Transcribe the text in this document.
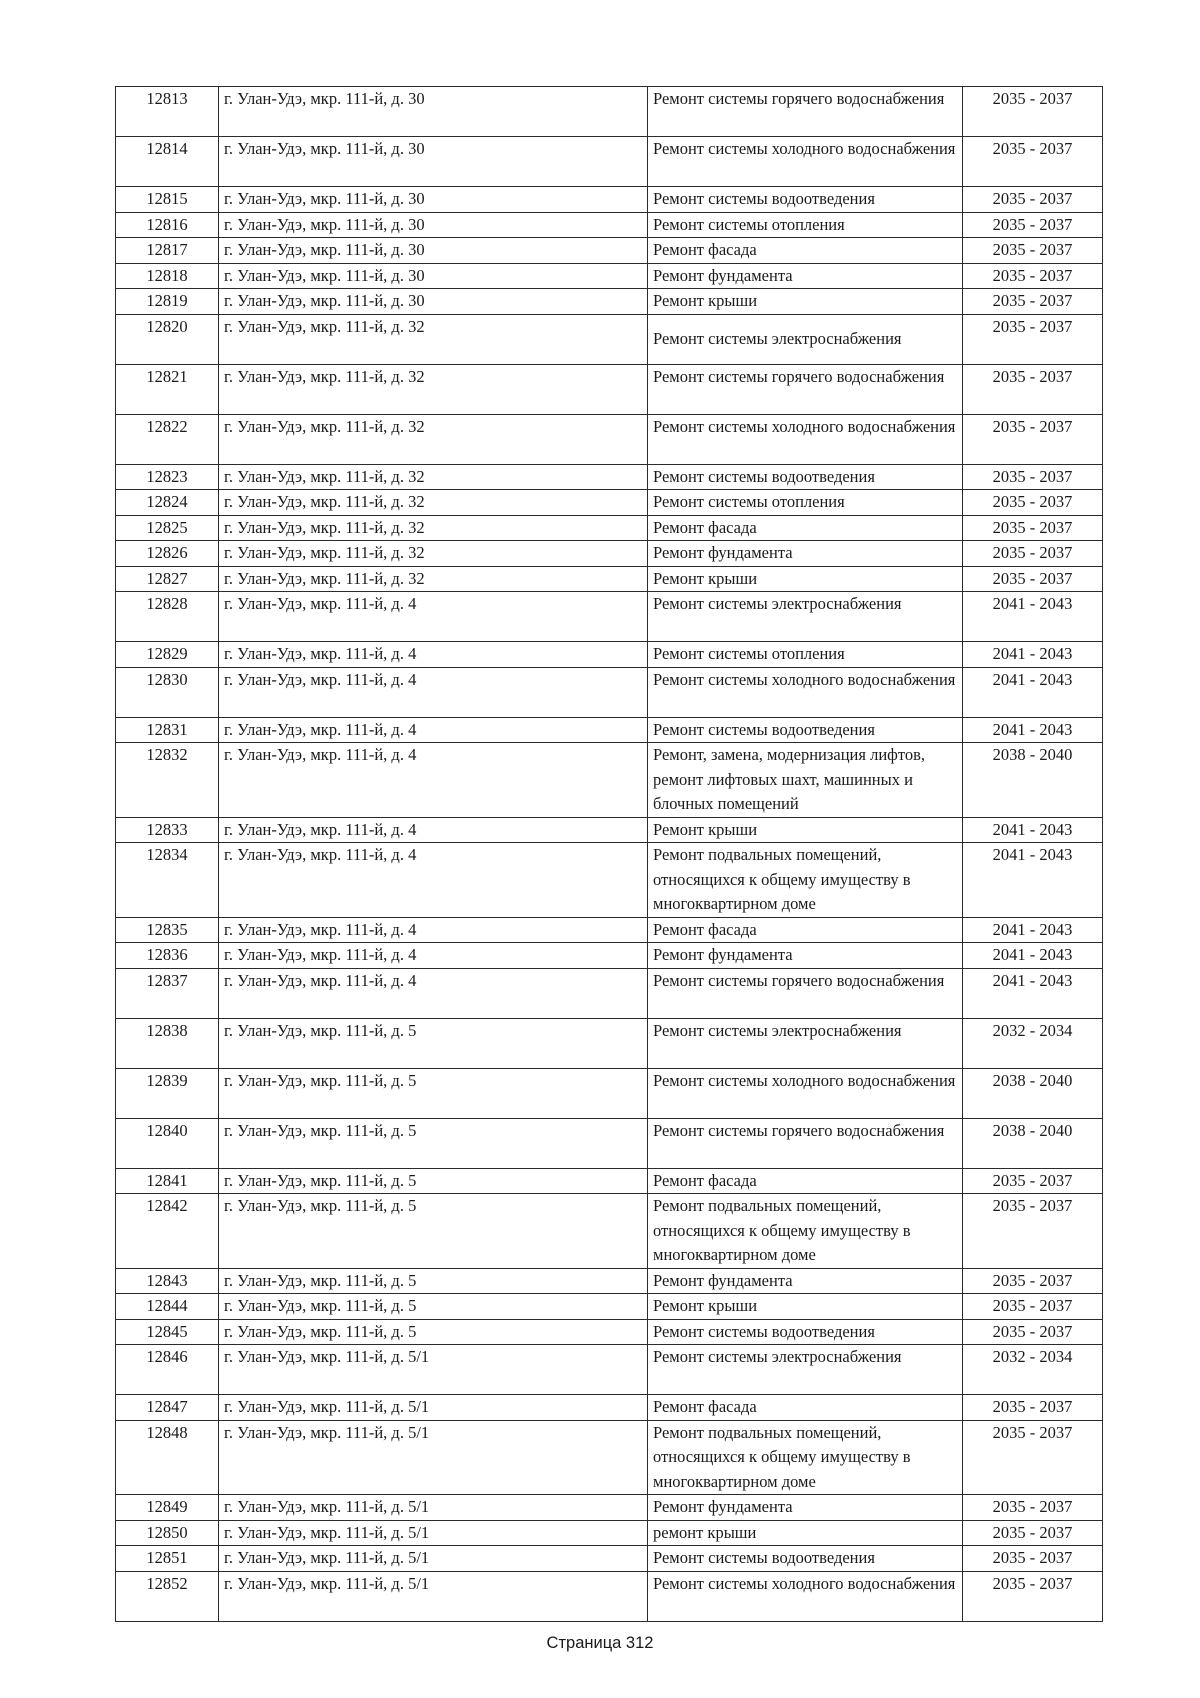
12813	г. Улан-Удэ, мкр. 111-й, д. 30	Ремонт системы горячего водоснабжения	2035 - 2037
12814	г. Улан-Удэ, мкр. 111-й, д. 30	Ремонт системы холодного водоснабжения	2035 - 2037
12815	г. Улан-Удэ, мкр. 111-й, д. 30	Ремонт системы водоотведения	2035 - 2037
12816	г. Улан-Удэ, мкр. 111-й, д. 30	Ремонт системы отопления	2035 - 2037
12817	г. Улан-Удэ, мкр. 111-й, д. 30	Ремонт фасада	2035 - 2037
12818	г. Улан-Удэ, мкр. 111-й, д. 30	Ремонт фундамента	2035 - 2037
12819	г. Улан-Удэ, мкр. 111-й, д. 30	Ремонт крыши	2035 - 2037
12820	г. Улан-Удэ, мкр. 111-й, д. 32	Ремонт системы электроснабжения	2035 - 2037
12821	г. Улан-Удэ, мкр. 111-й, д. 32	Ремонт системы горячего водоснабжения	2035 - 2037
12822	г. Улан-Удэ, мкр. 111-й, д. 32	Ремонт системы холодного водоснабжения	2035 - 2037
12823	г. Улан-Удэ, мкр. 111-й, д. 32	Ремонт системы водоотведения	2035 - 2037
12824	г. Улан-Удэ, мкр. 111-й, д. 32	Ремонт системы отопления	2035 - 2037
12825	г. Улан-Удэ, мкр. 111-й, д. 32	Ремонт фасада	2035 - 2037
12826	г. Улан-Удэ, мкр. 111-й, д. 32	Ремонт фундамента	2035 - 2037
12827	г. Улан-Удэ, мкр. 111-й, д. 32	Ремонт крыши	2035 - 2037
12828	г. Улан-Удэ, мкр. 111-й, д. 4	Ремонт системы электроснабжения	2041 - 2043
12829	г. Улан-Удэ, мкр. 111-й, д. 4	Ремонт системы отопления	2041 - 2043
12830	г. Улан-Удэ, мкр. 111-й, д. 4	Ремонт системы холодного водоснабжения	2041 - 2043
12831	г. Улан-Удэ, мкр. 111-й, д. 4	Ремонт системы водоотведения	2041 - 2043
12832	г. Улан-Удэ, мкр. 111-й, д. 4	Ремонт, замена, модернизация лифтов, ремонт лифтовых шахт, машинных и блочных помещений	2038 - 2040
12833	г. Улан-Удэ, мкр. 111-й, д. 4	Ремонт крыши	2041 - 2043
12834	г. Улан-Удэ, мкр. 111-й, д. 4	Ремонт подвальных помещений, относящихся к общему имуществу в многоквартирном доме	2041 - 2043
12835	г. Улан-Удэ, мкр. 111-й, д. 4	Ремонт фасада	2041 - 2043
12836	г. Улан-Удэ, мкр. 111-й, д. 4	Ремонт фундамента	2041 - 2043
12837	г. Улан-Удэ, мкр. 111-й, д. 4	Ремонт системы горячего водоснабжения	2041 - 2043
12838	г. Улан-Удэ, мкр. 111-й, д. 5	Ремонт системы электроснабжения	2032 - 2034
12839	г. Улан-Удэ, мкр. 111-й, д. 5	Ремонт системы холодного водоснабжения	2038 - 2040
12840	г. Улан-Удэ, мкр. 111-й, д. 5	Ремонт системы горячего водоснабжения	2038 - 2040
12841	г. Улан-Удэ, мкр. 111-й, д. 5	Ремонт фасада	2035 - 2037
12842	г. Улан-Удэ, мкр. 111-й, д. 5	Ремонт подвальных помещений, относящихся к общему имуществу в многоквартирном доме	2035 - 2037
12843	г. Улан-Удэ, мкр. 111-й, д. 5	Ремонт фундамента	2035 - 2037
12844	г. Улан-Удэ, мкр. 111-й, д. 5	Ремонт крыши	2035 - 2037
12845	г. Улан-Удэ, мкр. 111-й, д. 5	Ремонт системы водоотведения	2035 - 2037
12846	г. Улан-Удэ, мкр. 111-й, д. 5/1	Ремонт системы электроснабжения	2032 - 2034
12847	г. Улан-Удэ, мкр. 111-й, д. 5/1	Ремонт фасада	2035 - 2037
12848	г. Улан-Удэ, мкр. 111-й, д. 5/1	Ремонт подвальных помещений, относящихся к общему имуществу в многоквартирном доме	2035 - 2037
12849	г. Улан-Удэ, мкр. 111-й, д. 5/1	Ремонт фундамента	2035 - 2037
12850	г. Улан-Удэ, мкр. 111-й, д. 5/1	ремонт крыши	2035 - 2037
12851	г. Улан-Удэ, мкр. 111-й, д. 5/1	Ремонт системы водоотведения	2035 - 2037
12852	г. Улан-Удэ, мкр. 111-й, д. 5/1	Ремонт системы холодного водоснабжения	2035 - 2037
Страница 312
